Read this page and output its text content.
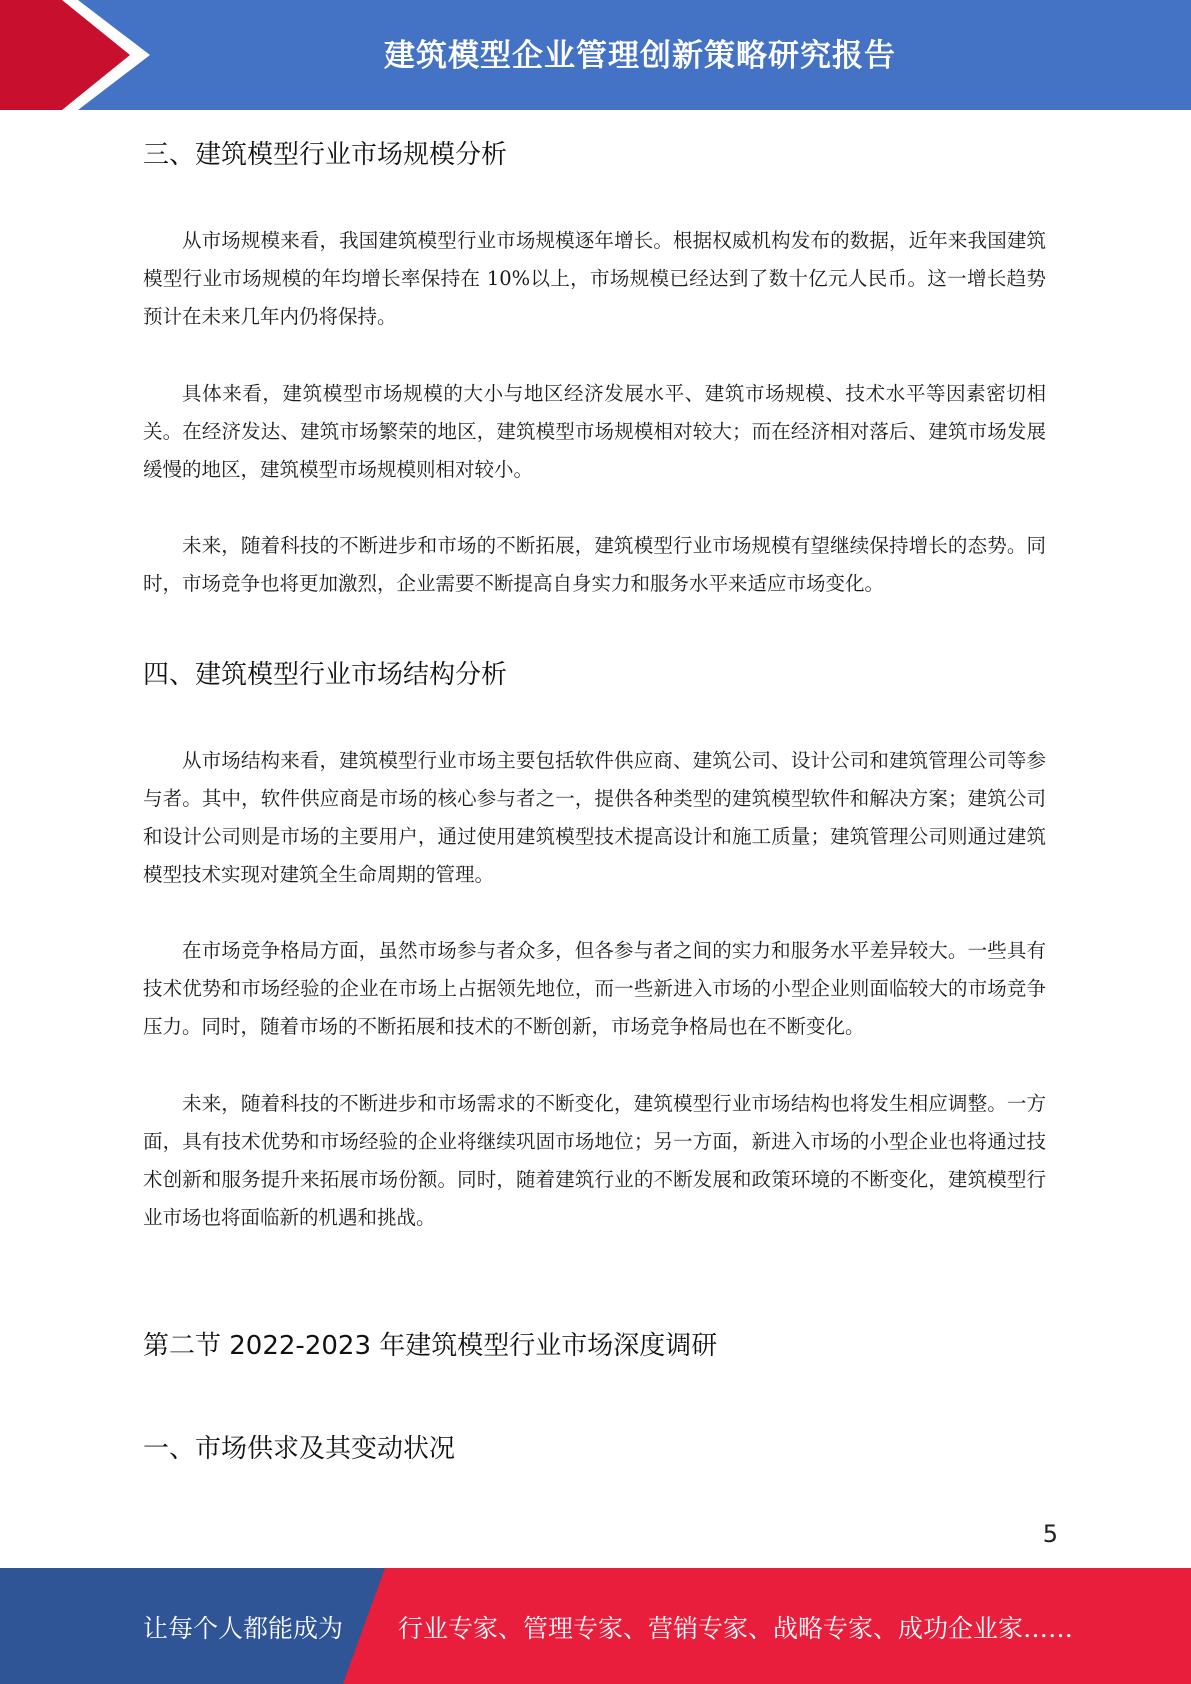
建筑模型企业管理创新策略研究报告
三、建筑模型行业市场规模分析

从市场规模来看，我国建筑模型行业市场规模逐年增长。根据权威机构发布的数据，近年来我国建筑模型行业市场规模的年均增长率保持在 10%以上，市场规模已经达到了数十亿元人民币。这一增长趋势预计在未来几年内仍将保持。

具体来看，建筑模型市场规模的大小与地区经济发展水平、建筑市场规模、技术水平等因素密切相关。在经济发达、建筑市场繁荣的地区，建筑模型市场规模相对较大；而在经济相对落后、建筑市场发展缓慢的地区，建筑模型市场规模则相对较小。

未来，随着科技的不断进步和市场的不断拓展，建筑模型行业市场规模有望继续保持增长的态势。同时，市场竞争也将更加激烈，企业需要不断提高自身实力和服务水平来适应市场变化。

四、建筑模型行业市场结构分析

从市场结构来看，建筑模型行业市场主要包括软件供应商、建筑公司、设计公司和建筑管理公司等参与者。其中，软件供应商是市场的核心参与者之一，提供各种类型的建筑模型软件和解决方案；建筑公司和设计公司则是市场的主要用户，通过使用建筑模型技术提高设计和施工质量；建筑管理公司则通过建筑模型技术实现对建筑全生命周期的管理。

在市场竞争格局方面，虽然市场参与者众多，但各参与者之间的实力和服务水平差异较大。一些具有技术优势和市场经验的企业在市场上占据领先地位，而一些新进入市场的小型企业则面临较大的市场竞争压力。同时，随着市场的不断拓展和技术的不断创新，市场竞争格局也在不断变化。

未来，随着科技的不断进步和市场需求的不断变化，建筑模型行业市场结构也将发生相应调整。一方面，具有技术优势和市场经验的企业将继续巩固市场地位；另一方面，新进入市场的小型企业也将通过技术创新和服务提升来拓展市场份额。同时，随着建筑行业的不断发展和政策环境的不断变化，建筑模型行业市场也将面临新的机遇和挑战。

第二节 2022-2023 年建筑模型行业市场深度调研
一、市场供求及其变动状况
5
让每个人都能成为 行业专家、管理专家、营销专家、战略专家、成功企业家……
